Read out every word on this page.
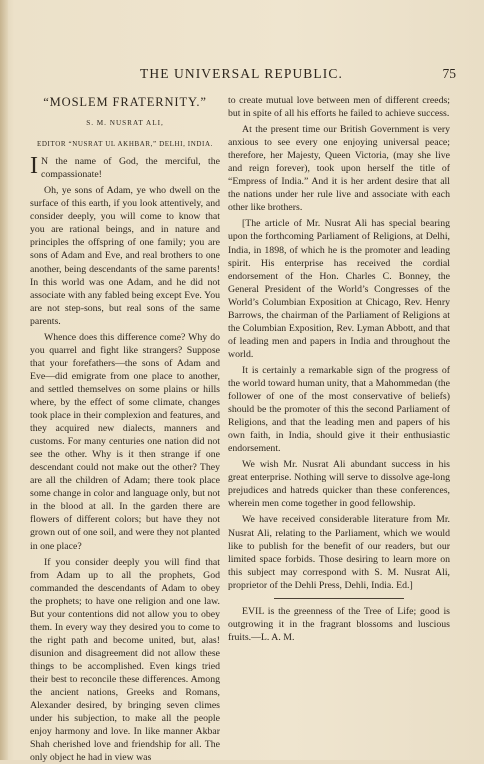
THE UNIVERSAL REPUBLIC.	75
“MOSLEM FRATERNITY.”
S. M. NUSRAT ALI,
EDITOR “NUSRAT UL AKHBAR,” DELHI, INDIA.

I N the name of God, the merciful, the compassionate!

Oh, ye sons of Adam, ye who dwell on the surface of this earth, if you look attentively, and consider deeply, you will come to know that you are rational beings, and in nature and principles the offspring of one family; you are sons of Adam and Eve, and real brothers to one another, being descendants of the same parents! In this world was one Adam, and he did not associate with any fabled being except Eve. You are not step-sons, but real sons of the same parents.

Whence does this difference come? Why do you quarrel and fight like strangers? Suppose that your forefathers—the sons of Adam and Eve—did emigrate from one place to another, and settled themselves on some plains or hills where, by the effect of some climate, changes took place in their complexion and features, and they acquired new dialects, manners and customs. For many centuries one nation did not see the other. Why is it then strange if one descendant could not make out the other? They are all the children of Adam; there took place some change in color and language only, but not in the blood at all. In the garden there are flowers of different colors; but have they not grown out of one soil, and were they not planted in one place?

If you consider deeply you will find that from Adam up to all the prophets, God commanded the descendants of Adam to obey the prophets; to have one religion and one law. But your contentions did not allow you to obey them. In every way they desired you to come to the right path and become united, but, alas! disunion and disagreement did not allow these things to be accomplished. Even kings tried their best to reconcile these differences. Among the ancient nations, Greeks and Romans, Alexander desired, by bringing seven climes under his subjection, to make all the people enjoy harmony and love. In like manner Akbar Shah cherished love and friendship for all. The only object he had in view was

to create mutual love between men of different creeds; but in spite of all his efforts he failed to achieve success.

At the present time our British Government is very anxious to see every one enjoying universal peace; therefore, her Majesty, Queen Victoria, (may she live and reign forever), took upon herself the title of “Empress of India.” And it is her ardent desire that all the nations under her rule live and associate with each other like brothers.

[The article of Mr. Nusrat Ali has special bearing upon the forthcoming Parliament of Religions, at Delhi, India, in 1898, of which he is the promoter and leading spirit. His enterprise has received the cordial endorsement of the Hon. Charles C. Bonney, the General President of the World’s Congresses of the World’s Columbian Exposition at Chicago, Rev. Henry Barrows, the chairman of the Parliament of Religions at the Columbian Exposition, Rev. Lyman Abbott, and that of leading men and papers in India and throughout the world.

It is certainly a remarkable sign of the progress of the world toward human unity, that a Mahommedan (the follower of one of the most conservative of beliefs) should be the promoter of this the second Parliament of Religions, and that the leading men and papers of his own faith, in India, should give it their enthusiastic endorsement.

We wish Mr. Nusrat Ali abundant success in his great enterprise. Nothing will serve to dissolve age-long prejudices and hatreds quicker than these conferences, wherein men come together in good fellowship.

We have received considerable literature from Mr. Nusrat Ali, relating to the Parliament, which we would like to publish for the benefit of our readers, but our limited space forbids. Those desiring to learn more on this subject may correspond with S. M. Nusrat Ali, proprietor of the Dehli Press, Dehli, India. Ed.]

EVIL is the greenness of the Tree of Life; good is outgrowing it in the fragrant blossoms and luscious fruits.—L. A. M.
